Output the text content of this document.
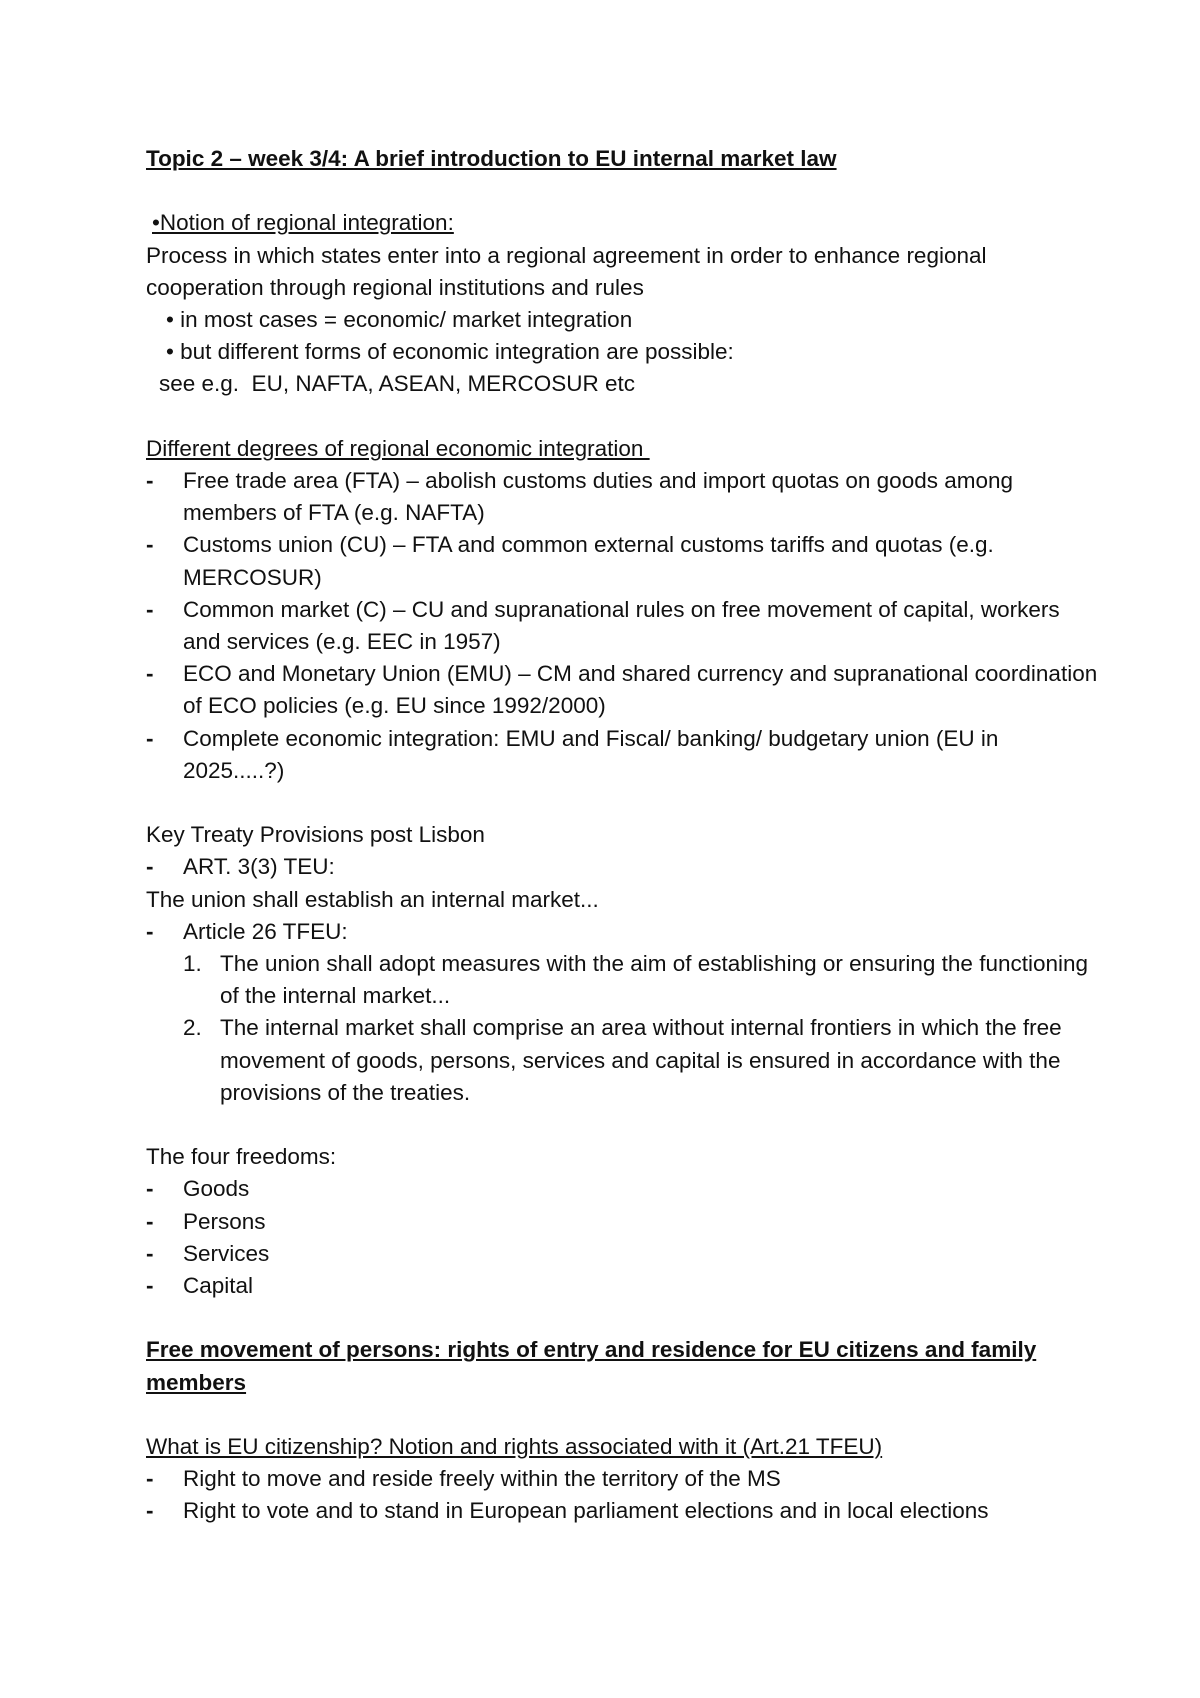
Topic 2 – week 3/4: A brief introduction to EU internal market law
•Notion of regional integration:
Process in which states enter into a regional agreement in order to enhance regional cooperation through regional institutions and rules
• in most cases = economic/ market integration
• but different forms of economic integration are possible:
see e.g.  EU, NAFTA, ASEAN, MERCOSUR etc
Different degrees of regional economic integration
-	Free trade area (FTA) – abolish customs duties and import quotas on goods among members of FTA (e.g. NAFTA)
-	Customs union (CU) – FTA and common external customs tariffs and quotas (e.g. MERCOSUR)
-	Common market (C) – CU and supranational rules on free movement of capital, workers and services (e.g. EEC in 1957)
-	ECO and Monetary Union (EMU) – CM and shared currency and supranational coordination of ECO policies (e.g. EU since 1992/2000)
-	Complete economic integration: EMU and Fiscal/ banking/ budgetary union (EU in 2025.....?)
Key Treaty Provisions post Lisbon
-	ART. 3(3) TEU:
The union shall establish an internal market...
-	Article 26 TFEU:
1. The union shall adopt measures with the aim of establishing or ensuring the functioning of the internal market...
2. The internal market shall comprise an area without internal frontiers in which the free movement of goods, persons, services and capital is ensured in accordance with the provisions of the treaties.
The four freedoms:
-	Goods
-	Persons
-	Services
-	Capital
Free movement of persons: rights of entry and residence for EU citizens and family members
What is EU citizenship? Notion and rights associated with it (Art.21 TFEU)
-	Right to move and reside freely within the territory of the MS
-	Right to vote and to stand in European parliament elections and in local elections
